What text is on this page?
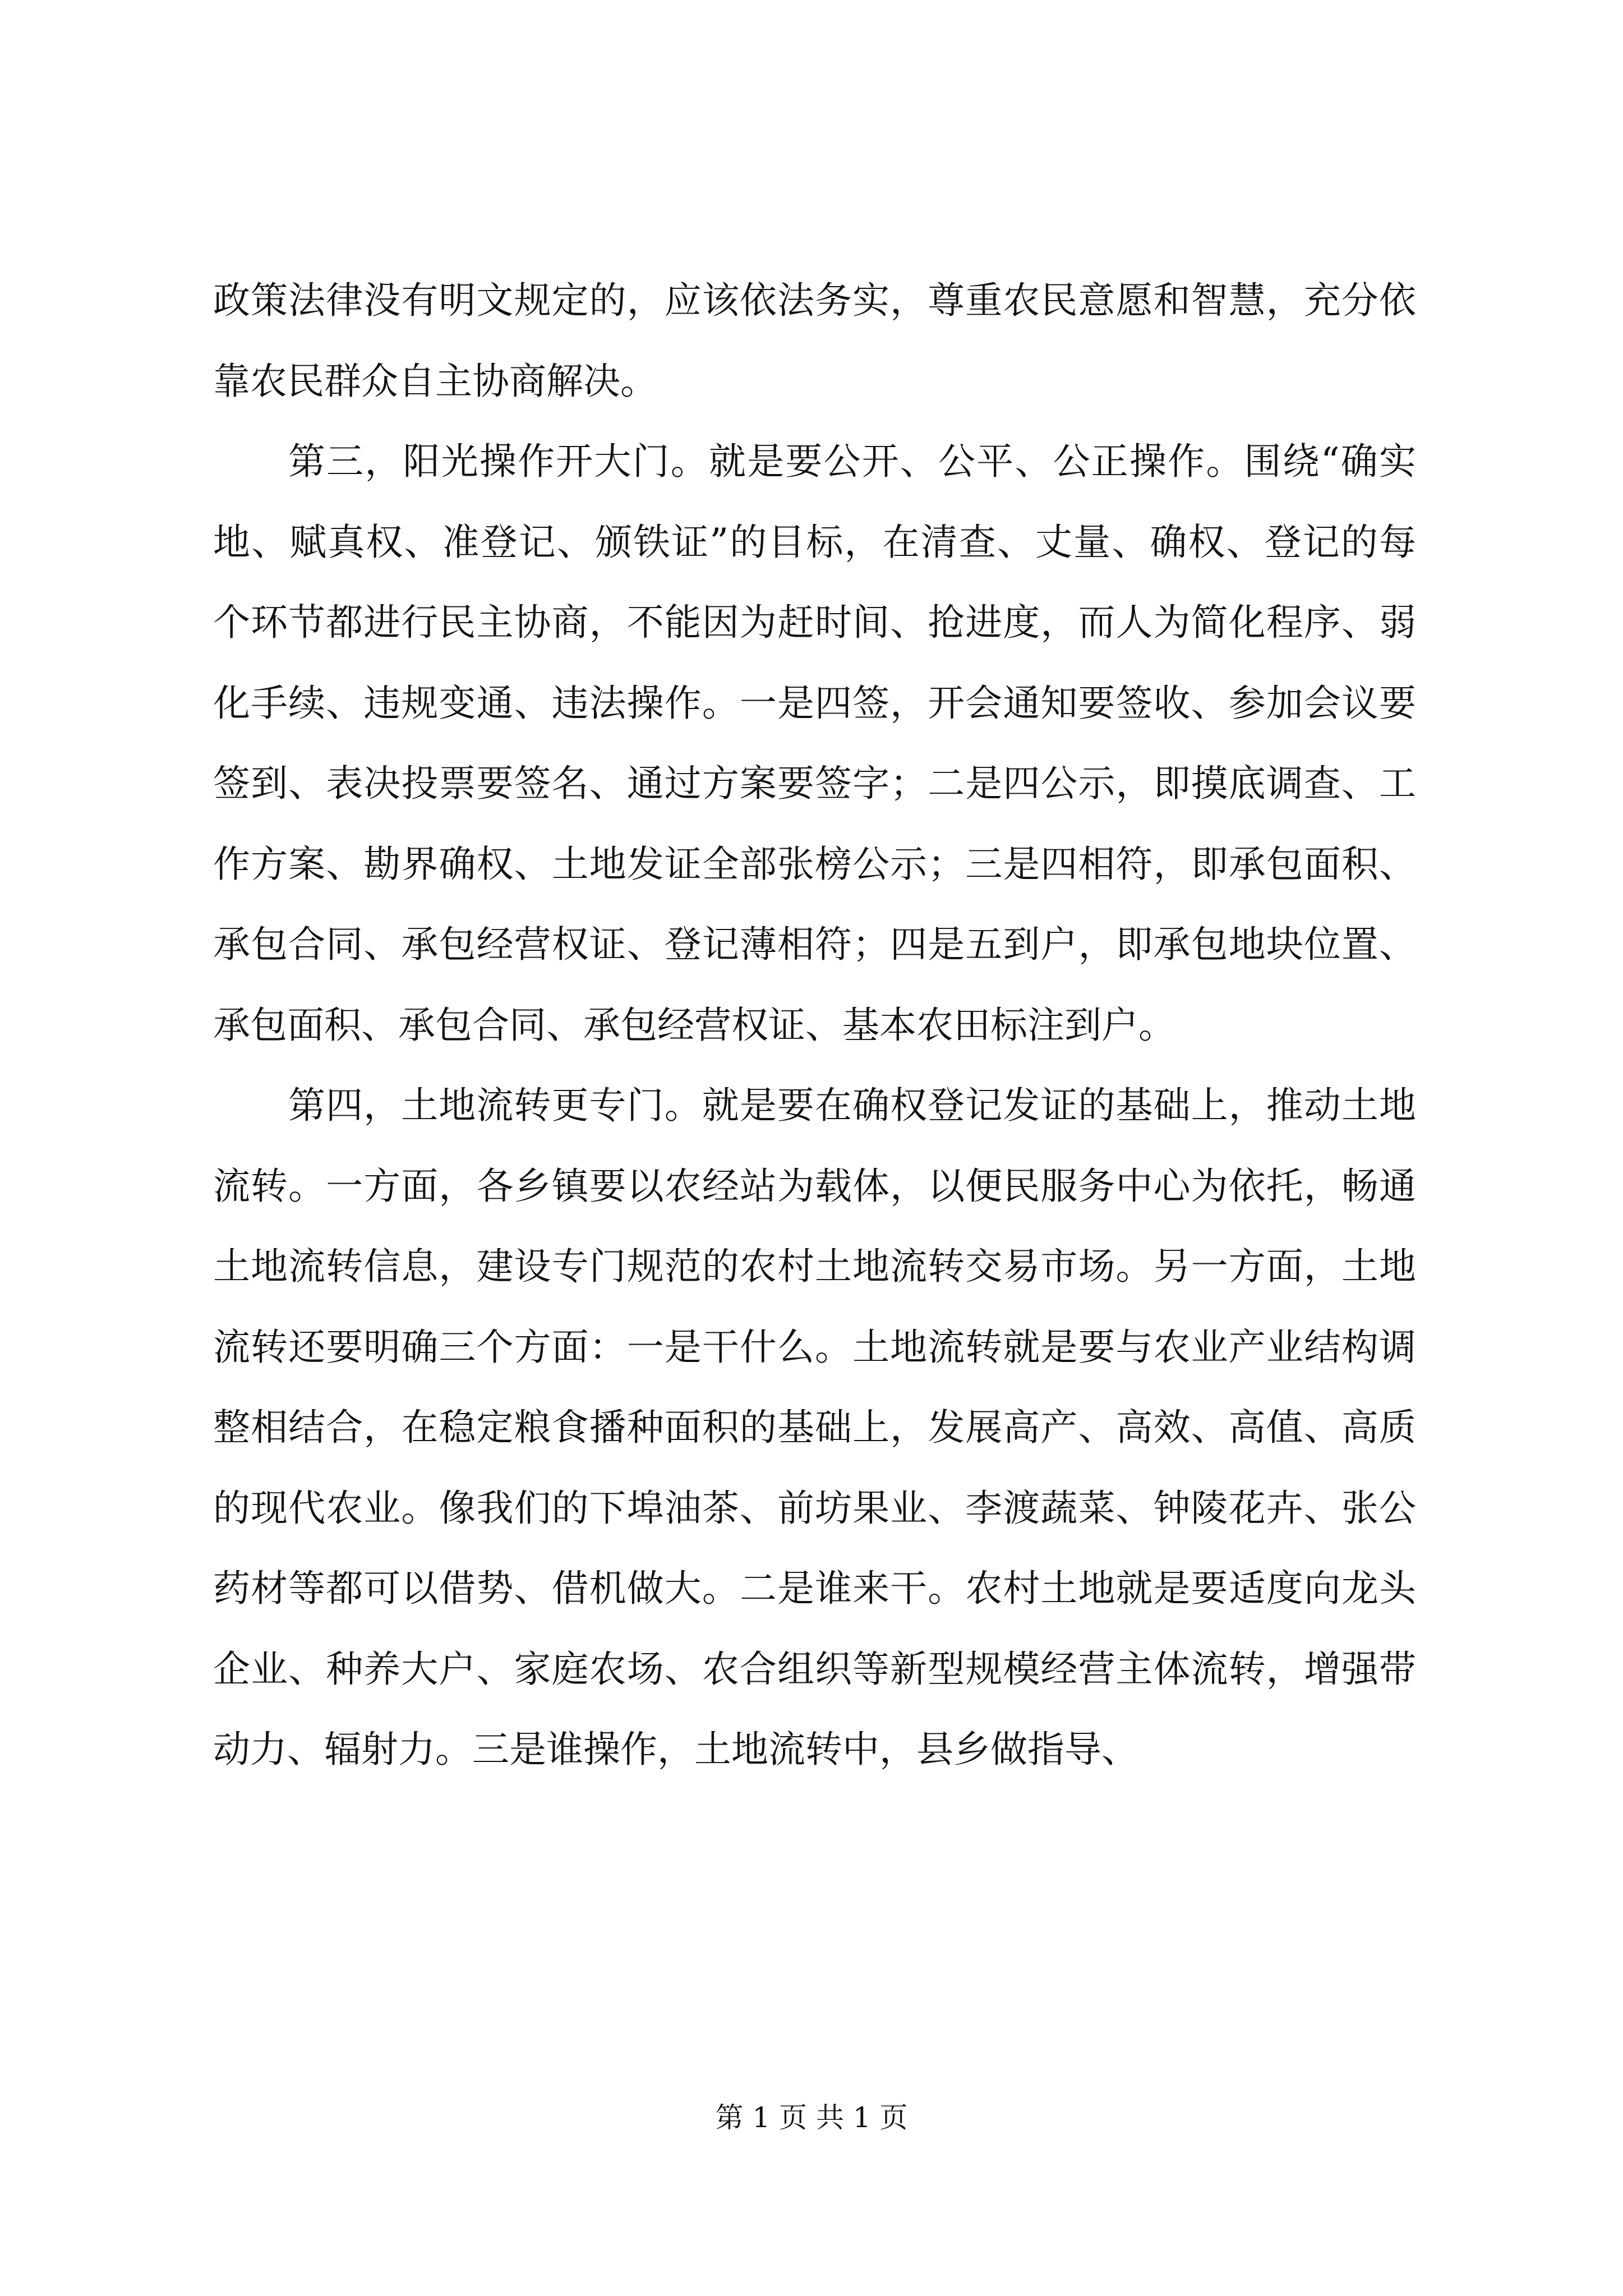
政策法律没有明文规定的，应该依法务实，尊重农民意愿和智慧，充分依靠农民群众自主协商解决。

第三，阳光操作开大门。就是要公开、公平、公正操作。围绕“确实地、赋真权、准登记、颁铁证”的目标，在清查、丈量、确权、登记的每个环节都进行民主协商，不能因为赶时间、抢进度，而人为简化程序、弱化手续、违规变通、违法操作。一是四签，开会通知要签收、参加会议要签到、表决投票要签名、通过方案要签字；二是四公示，即摸底调查、工作方案、勘界确权、土地发证全部张榜公示；三是四相符，即承包面积、承包合同、承包经营权证、登记薄相符；四是五到户，即承包地块位置、承包面积、承包合同、承包经营权证、基本农田标注到户。

第四，土地流转更专门。就是要在确权登记发证的基础上，推动土地流转。一方面，各乡镇要以农经站为载体，以便民服务中心为依托，畅通土地流转信息，建设专门规范的农村土地流转交易市场。另一方面，土地流转还要明确三个方面：一是干什么。土地流转就是要与农业产业结构调整相结合，在稳定粮食播种面积的基础上，发展高产、高效、高值、高质的现代农业。像我们的下埠油茶、前坊果业、李渡蔬菜、钟陵花卉、张公药材等都可以借势、借机做大。二是谁来干。农村土地就是要适度向龙头企业、种养大户、家庭农场、农合组织等新型规模经营主体流转，增强带动力、辐射力。三是谁操作，土地流转中，县乡做指导、

第 1 页 共 1 页
